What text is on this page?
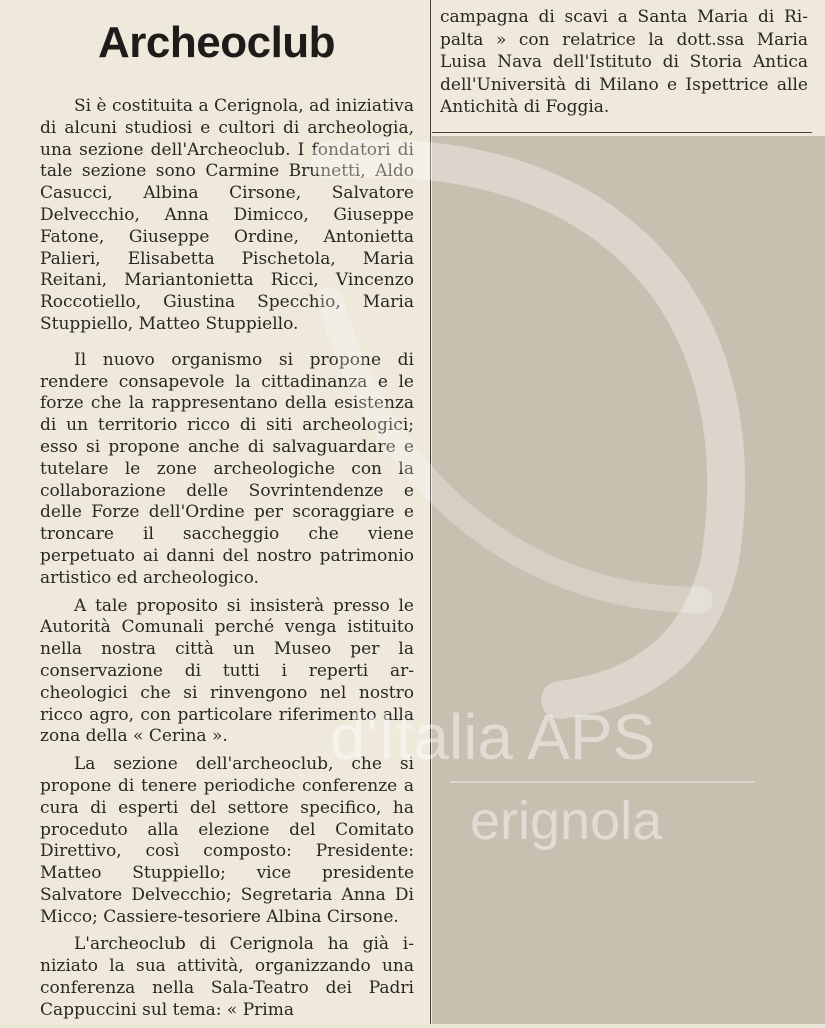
Archeoclub

Si è costituita a Cerignola, ad iniziativa di alcuni studiosi e cultori di archeologia, una sezione dell'Archeoclub. I fondatori di tale sezione sono Carmine Brunetti, Aldo Casucci, Albina Cirsone, Salvatore Delvecchio, Anna Dimicco, Giuseppe Fatone, Giuseppe Ordine, Antonietta Palieri, Elisabetta Pischetola, Maria Reitani, Mariantonietta Ricci, Vincenzo Roccotiello, Giustina Specchio, Maria Stuppiello, Matteo Stuppiello.

Il nuovo organismo si propone di rendere consapevole la cittadinanza e le forze che la rappresentano della esistenza di un territorio ricco di siti archeologici; esso si propone anche di salvaguardare e tutelare le zone archeologiche con la collaborazione delle Sovrintendenze e delle Forze dell'Ordine per scoraggiare e troncare il saccheggio che viene perpetuato ai danni del nostro patrimonio artistico ed archeologico.

A tale proposito si insisterà presso le Autorità Comunali perché venga istituito nella nostra città un Museo per la conservazione di tutti i reperti archeologici che si rinvengono nel nostro ricco agro, con particolare riferimento alla zona della « Cerina ».

La sezione dell'archeoclub, che si propone di tenere periodiche conferenze a cura di esperti del settore specifico, ha proceduto alla elezione del Comitato Direttivo, così composto: Presidente: Matteo Stuppiello; vice presidente Salvatore Delvecchio; Segretaria Anna Di Micco; Cassiere-tesoriere Albina Cirsone.

L'archeoclub di Cerignola ha già iniziato la sua attività, organizzando una conferenza nella Sala-Teatro dei Padri Cappuccini sul tema: « Prima

campagna di scavi a Santa Maria di Ripalta » con relatrice la dott.ssa Maria Luisa Nava dell'Istituto di Storia Antica dell'Università di Milano e Ispettrice alle Antichità di Foggia.

d'Italia APS
erignola
